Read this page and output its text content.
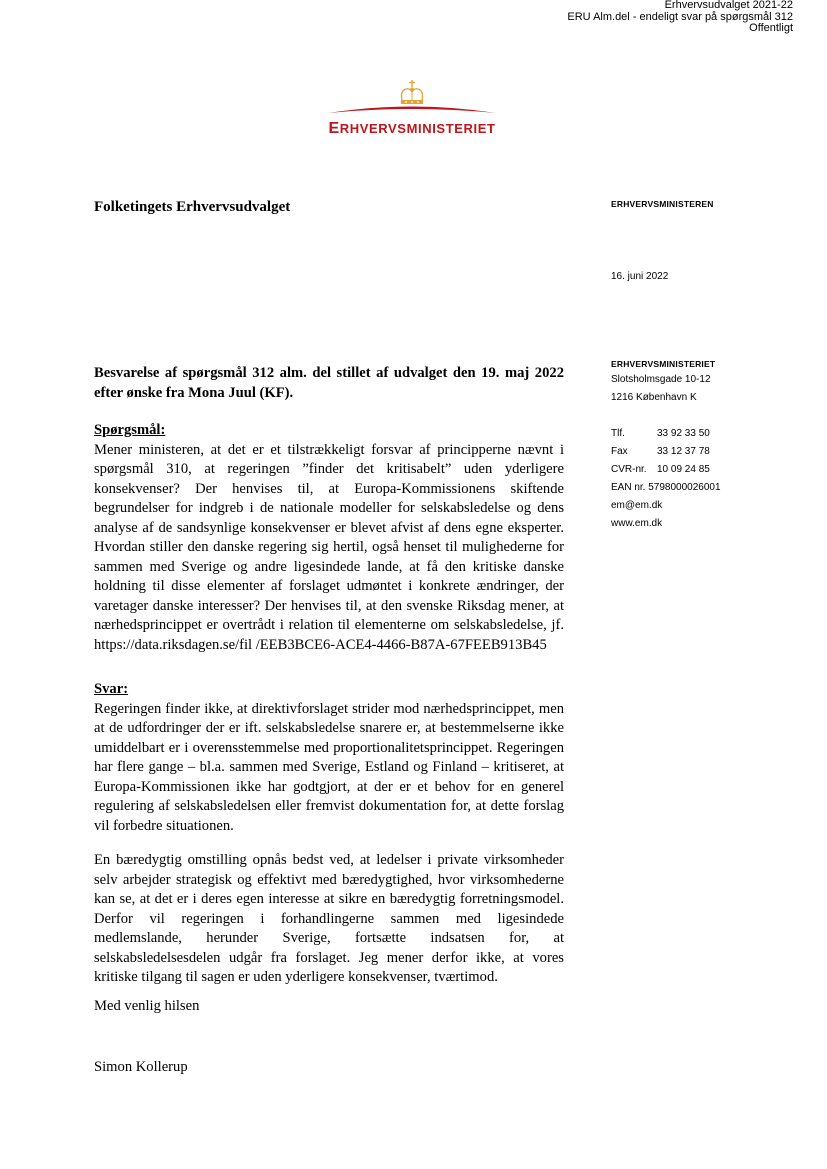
Erhvervsudvalget 2021-22
ERU Alm.del - endeligt svar på spørgsmål 312
Offentligt
ERHVERVSMINISTERIET
Folketingets Erhvervsudvalget	ERHVERVSMINISTEREN
16. juni 2022
ERHVERVSMINISTERIET
Slotsholmsgade 10-12
1216 København K
Tlf.	33 92 33 50
Fax	33 12 37 78
CVR-nr. 10 09 24 85
EAN nr. 5798000026001
em@em.dk
www.em.dk
Besvarelse af spørgsmål 312 alm. del stillet af udvalget den 19. maj 2022 efter ønske fra Mona Juul (KF).
Spørgsmål:

Mener ministeren, at det er et tilstrækkeligt forsvar af principperne nævnt i spørgsmål 310, at regeringen ”finder det kritisabelt” uden yderligere konsekvenser? Der henvises til, at Europa-Kommissionens skiftende begrundelser for indgreb i de nationale modeller for selskabsledelse og dens analyse af de sandsynlige konsekvenser er blevet afvist af dens egne eksperter. Hvordan stiller den danske regering sig hertil, også henset til mulighederne for sammen med Sverige og andre ligesindede lande, at få den kritiske danske holdning til disse elementer af forslaget udmøntet i konkrete ændringer, der varetager danske interesser? Der henvises til, at den svenske Riksdag mener, at nærhedsprincippet er overtrådt i relation til elementerne om selskabsledelse, jf. https://data.riksdagen.se/fil /EEB3BCE6-ACE4-4466-B87A-67FEEB913B45

Svar:

Regeringen finder ikke, at direktivforslaget strider mod nærhedsprincippet, men at de udfordringer der er ift. selskabsledelse snarere er, at bestemmelserne ikke umiddelbart er i overensstemmelse med proportionalitetsprincippet. Regeringen har flere gange – bl.a. sammen med Sverige, Estland og Finland – kritiseret, at Europa-Kommissionen ikke har godtgjort, at der er et behov for en generel regulering af selskabsledelsen eller fremvist dokumentation for, at dette forslag vil forbedre situationen.

En bæredygtig omstilling opnås bedst ved, at ledelser i private virksomheder selv arbejder strategisk og effektivt med bæredygtighed, hvor virksomhederne kan se, at det er i deres egen interesse at sikre en bæredygtig forretningsmodel. Derfor vil regeringen i forhandlingerne sammen med ligesindede medlemslande, herunder Sverige, fortsætte indsatsen for, at selskabsledelsesdelen udgår fra forslaget. Jeg mener derfor ikke, at vores kritiske tilgang til sagen er uden yderligere konsekvenser, tværtimod.

Med venlig hilsen
Simon Kollerup
